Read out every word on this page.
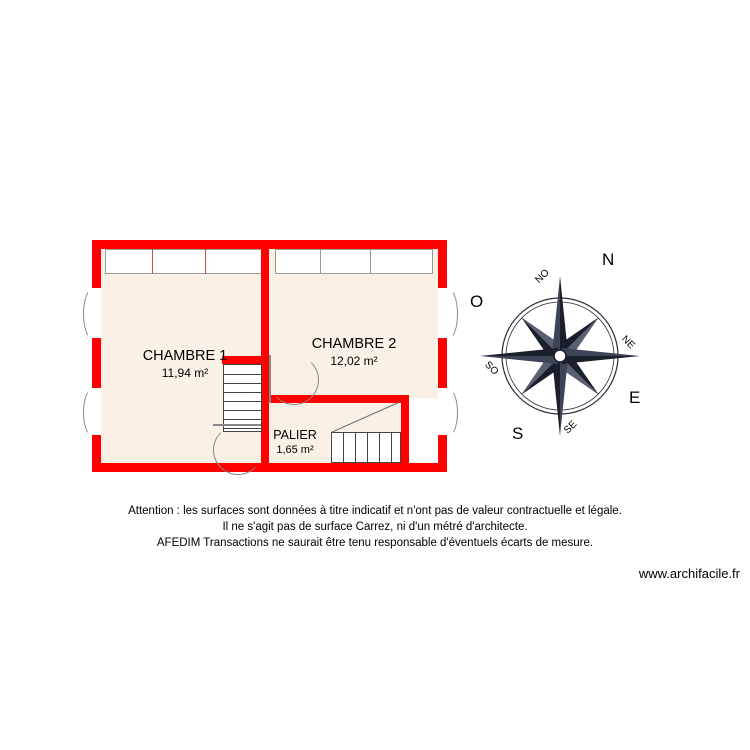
CHAMBRE 1
11,94 m²
CHAMBRE 2
12,02 m²
PALIER
1,65 m²
N
E
S
O
NE
SE
SO
NO
Attention : les surfaces sont données à titre indicatif et n'ont pas de valeur contractuelle et légale.
Il ne s'agit pas de surface Carrez, ni d'un métré d'architecte.
AFEDIM Transactions ne saurait être tenu responsable d'éventuels écarts de mesure.
www.archifacile.fr
